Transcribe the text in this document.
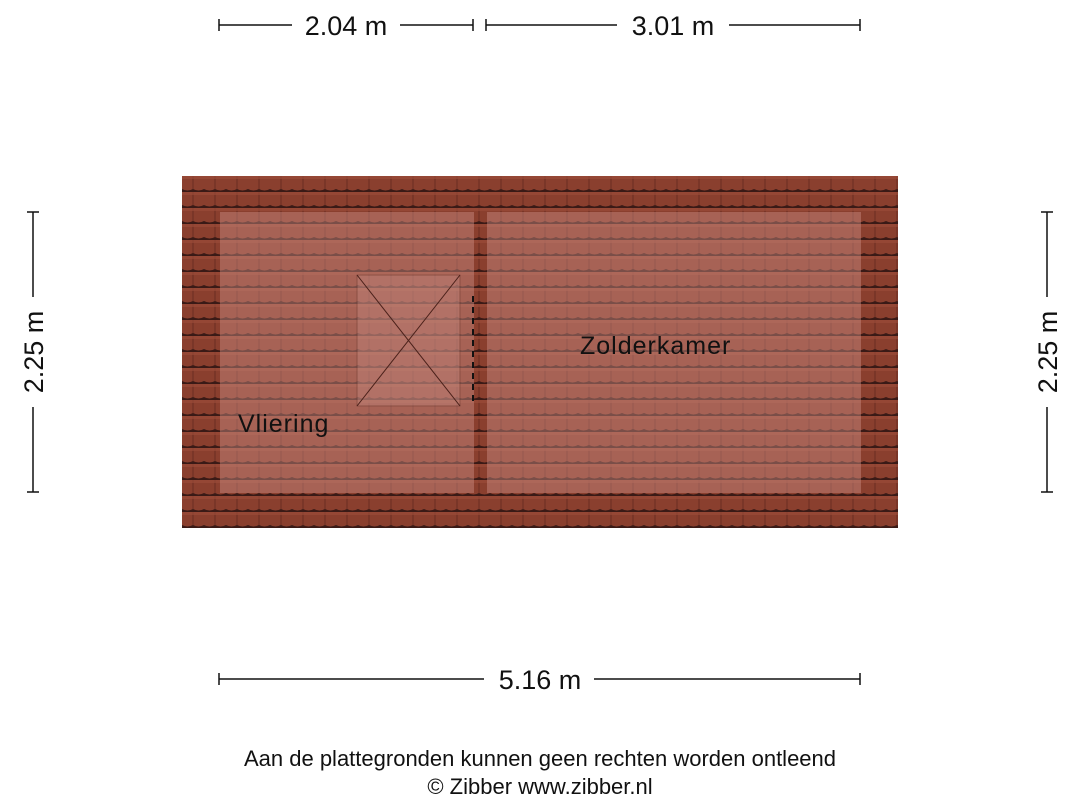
Vliering
Zolderkamer
2.04 m	3.01 m
5.16 m
2.25 m	2.25 m
Aan de plattegronden kunnen geen rechten worden ontleend
© Zibber www.zibber.nl
